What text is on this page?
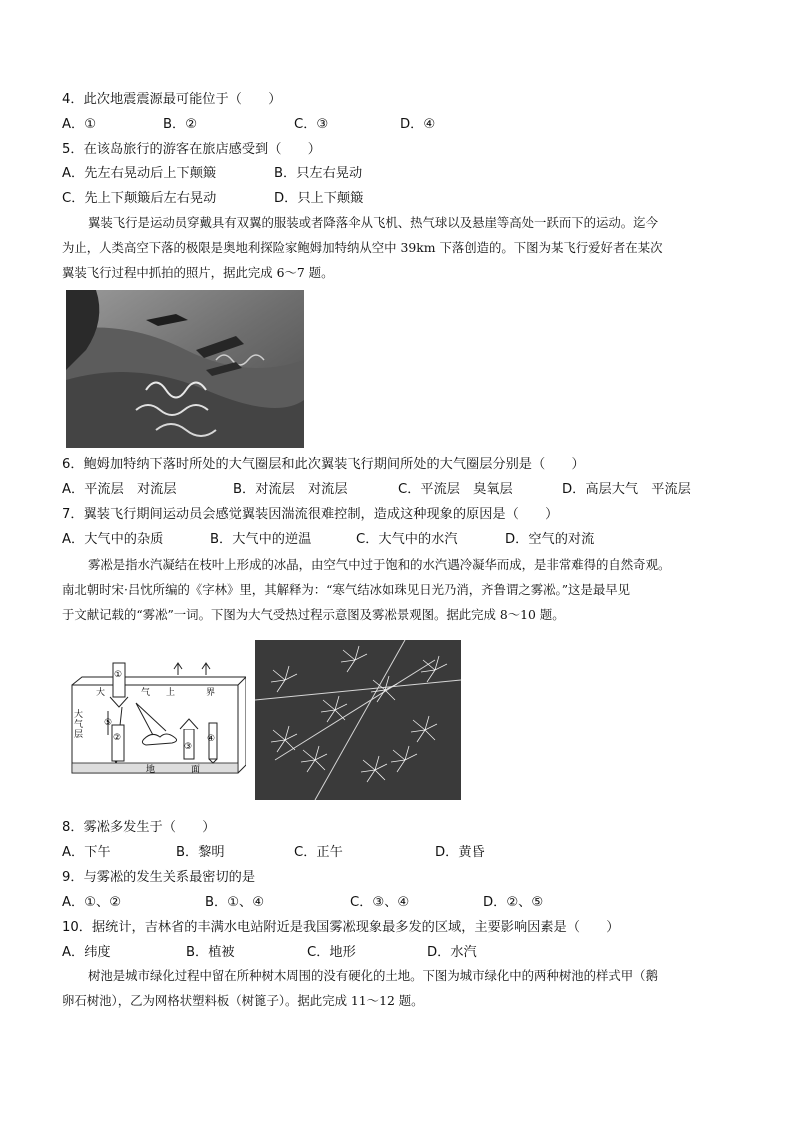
4．此次地震震源最可能位于（　　）
A．①	B．②	C．③	D．④
5．在该岛旅行的游客在旅店感受到（　　）
A．先左右晃动后上下颠簸	B．只左右晃动
C．先上下颠簸后左右晃动	D．只上下颠簸
翼装飞行是运动员穿戴具有双翼的服装或者降落伞从飞机、热气球以及悬崖等高处一跃而下的运动。迄今
为止，人类高空下落的极限是奥地利探险家鲍姆加特纳从空中 39km 下落创造的。下图为某飞行爱好者在某次
翼装飞行过程中抓拍的照片，据此完成 6～7 题。
6．鲍姆加特纳下落时所处的大气圈层和此次翼装飞行期间所处的大气圈层分别是（　　）
A．平流层　对流层	B．对流层　对流层	C．平流层　臭氧层	D．高层大气　平流层
7．翼装飞行期间运动员会感觉翼装因湍流很难控制，造成这种现象的原因是（　　）
A．大气中的杂质	B．大气中的逆温	C．大气中的水汽	D．空气的对流
雾凇是指水汽凝结在枝叶上形成的冰晶，由空气中过于饱和的水汽遇冷凝华而成，是非常难得的自然奇观。
南北朝时宋·吕忱所编的《字林》里，其解释为：“寒气结冰如珠见日光乃消，齐鲁谓之雾凇。”这是最早见
于文献记载的“雾凇”一词。下图为大气受热过程示意图及雾凇景观图。据此完成 8～10 题。
大	气 上	界
大
气
层
地	面
①
②
⑤
③
④
8．雾凇多发生于（　　）
A．下午	B．黎明	C．正午	D．黄昏
9．与雾凇的发生关系最密切的是
A．①、②	B．①、④	C．③、④	D．②、⑤
10．据统计，吉林省的丰满水电站附近是我国雾凇现象最多发的区域，主要影响因素是（　　）
A．纬度	B．植被	C．地形	D．水汽
树池是城市绿化过程中留在所种树木周围的没有硬化的土地。下图为城市绿化中的两种树池的样式甲（鹅
卵石树池），乙为网格状塑料板（树篦子）。据此完成 11～12 题。
